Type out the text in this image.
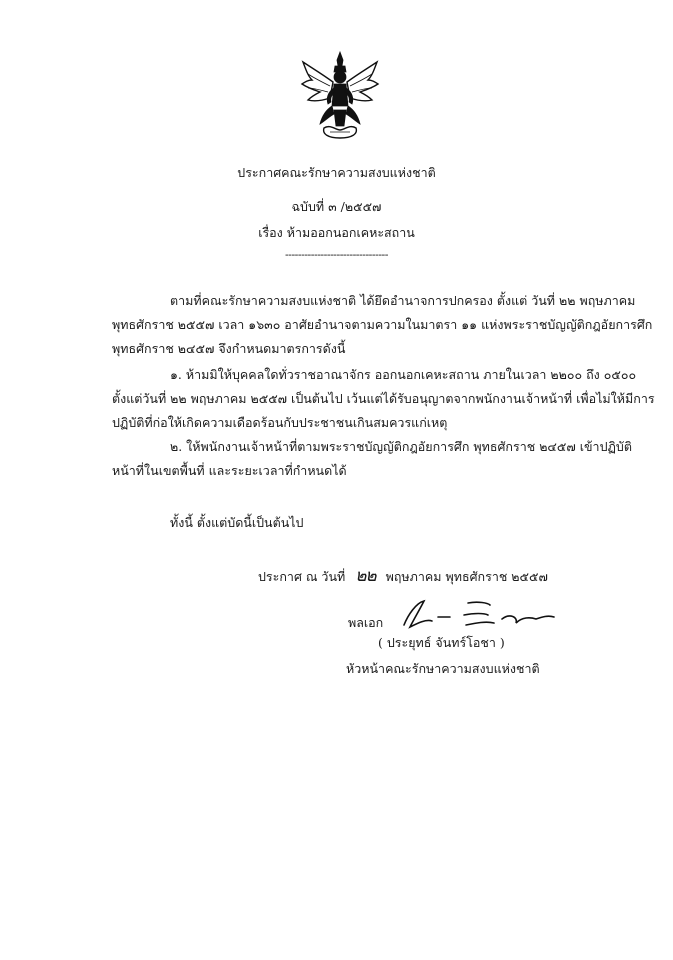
ประกาศคณะรักษาความสงบแห่งชาติ
ฉบับที่ ๓ /๒๕๕๗
เรื่อง ห้ามออกนอกเคหะสถาน
--------------------------------
ตามที่คณะรักษาความสงบแห่งชาติ ได้ยึดอำนาจการปกครอง ตั้งแต่ วันที่ ๒๒ พฤษภาคม
พุทธศักราช ๒๕๕๗ เวลา ๑๖๓๐ อาศัยอำนาจตามความในมาตรา ๑๑ แห่งพระราชบัญญัติกฎอัยการศึก
พุทธศักราช ๒๔๕๗ จึงกำหนดมาตรการดังนี้
๑. ห้ามมิให้บุคคลใดทั่วราชอาณาจักร ออกนอกเคหะสถาน ภายในเวลา ๒๒๐๐ ถึง ๐๕๐๐
ตั้งแต่วันที่ ๒๒ พฤษภาคม ๒๕๕๗ เป็นต้นไป เว้นแต่ได้รับอนุญาตจากพนักงานเจ้าหน้าที่ เพื่อไม่ให้มีการ
ปฏิบัติที่ก่อให้เกิดความเดือดร้อนกับประชาชนเกินสมควรแก่เหตุ
๒. ให้พนักงานเจ้าหน้าที่ตามพระราชบัญญัติกฎอัยการศึก พุทธศักราช ๒๔๕๗ เข้าปฏิบัติ
หน้าที่ในเขตพื้นที่ และระยะเวลาที่กำหนดได้
ทั้งนี้ ตั้งแต่บัดนี้เป็นต้นไป
ประกาศ ณ วันที่ ๒๒ พฤษภาคม พุทธศักราช ๒๕๕๗
พลเอก
( ประยุทธ์ จันทร์โอชา )
หัวหน้าคณะรักษาความสงบแห่งชาติ
